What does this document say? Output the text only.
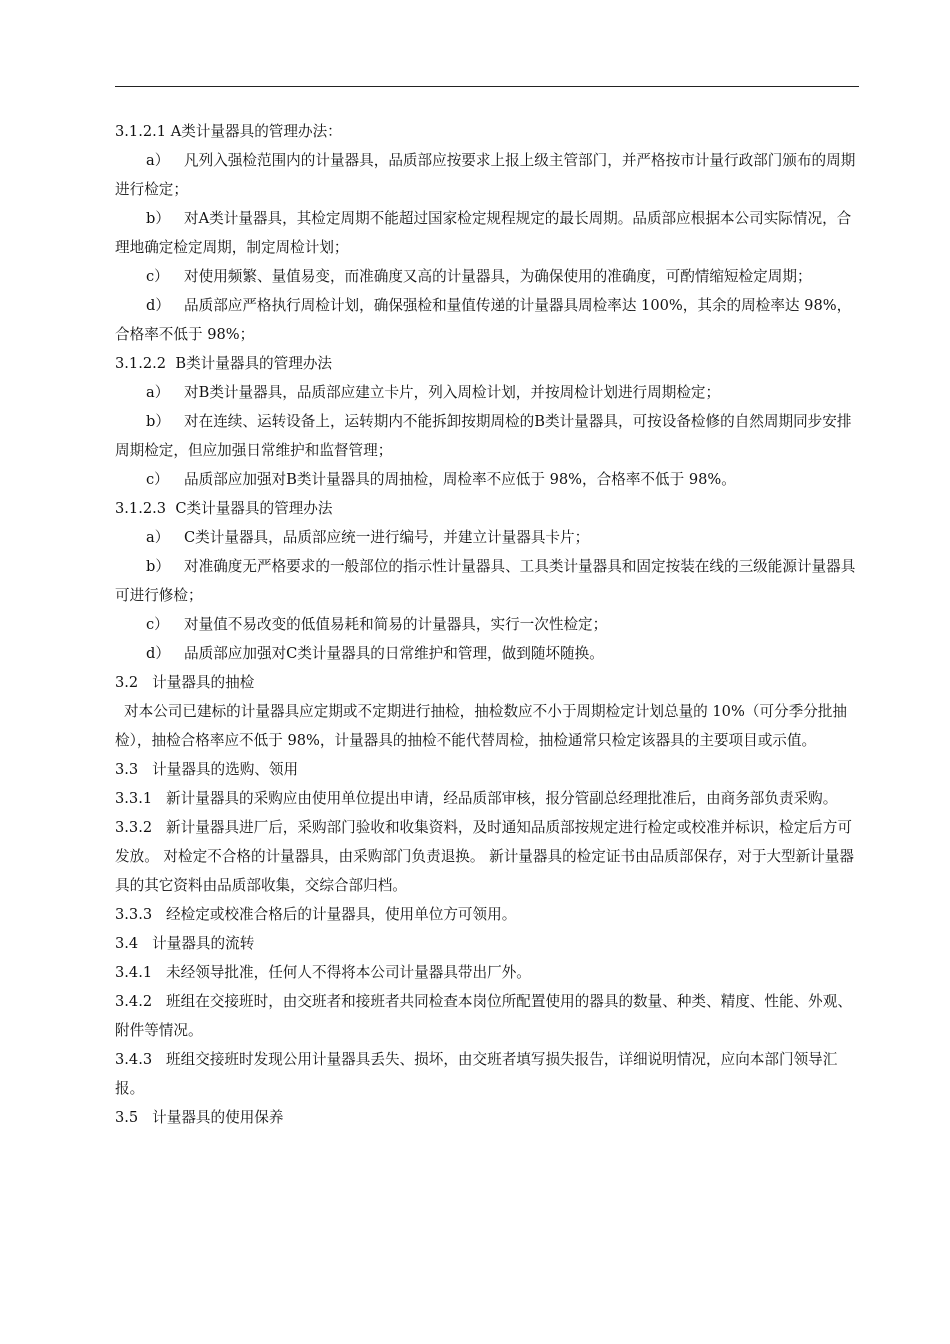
3.1.2.1 A类计量器具的管理办法：

a） 凡列入强检范围内的计量器具，品质部应按要求上报上级主管部门，并严格按市计量行政部门颁布的周期进行检定；

b） 对A类计量器具，其检定周期不能超过国家检定规程规定的最长周期。品质部应根据本公司实际情况，合理地确定检定周期，制定周检计划；

c） 对使用频繁、量值易变，而准确度又高的计量器具，为确保使用的准确度，可酌情缩短检定周期；

d） 品质部应严格执行周检计划，确保强检和量值传递的计量器具周检率达 100%，其余的周检率达 98%，合格率不低于 98%；

3.1.2.2  B类计量器具的管理办法

a） 对B类计量器具，品质部应建立卡片，列入周检计划，并按周检计划进行周期检定；

b） 对在连续、运转设备上，运转期内不能拆卸按期周检的B类计量器具，可按设备检修的自然周期同步安排周期检定，但应加强日常维护和监督管理；

c） 品质部应加强对B类计量器具的周抽检，周检率不应低于 98%，合格率不低于 98%。

3.1.2.3  C类计量器具的管理办法

a） C类计量器具，品质部应统一进行编号，并建立计量器具卡片；

b） 对准确度无严格要求的一般部位的指示性计量器具、工具类计量器具和固定按装在线的三级能源计量器具可进行修检；

c） 对量值不易改变的低值易耗和简易的计量器具，实行一次性检定；

d） 品质部应加强对C类计量器具的日常维护和管理，做到随坏随换。

3.2   计量器具的抽检

对本公司已建标的计量器具应定期或不定期进行抽检，抽检数应不小于周期检定计划总量的 10%（可分季分批抽检），抽检合格率应不低于 98%，计量器具的抽检不能代替周检，抽检通常只检定该器具的主要项目或示值。

3.3   计量器具的选购、领用

3.3.1   新计量器具的采购应由使用单位提出申请，经品质部审核，报分管副总经理批准后，由商务部负责采购。

3.3.2   新计量器具进厂后，采购部门验收和收集资料，及时通知品质部按规定进行检定或校准并标识，检定后方可发放。 对检定不合格的计量器具，由采购部门负责退换。 新计量器具的检定证书由品质部保存，对于大型新计量器具的其它资料由品质部收集，交综合部归档。

3.3.3   经检定或校准合格后的计量器具，使用单位方可领用。

3.4   计量器具的流转

3.4.1   未经领导批准，任何人不得将本公司计量器具带出厂外。

3.4.2   班组在交接班时，由交班者和接班者共同检查本岗位所配置使用的器具的数量、种类、精度、性能、外观、附件等情况。

3.4.3   班组交接班时发现公用计量器具丢失、损坏，由交班者填写损失报告，详细说明情况，应向本部门领导汇报。

3.5   计量器具的使用保养
